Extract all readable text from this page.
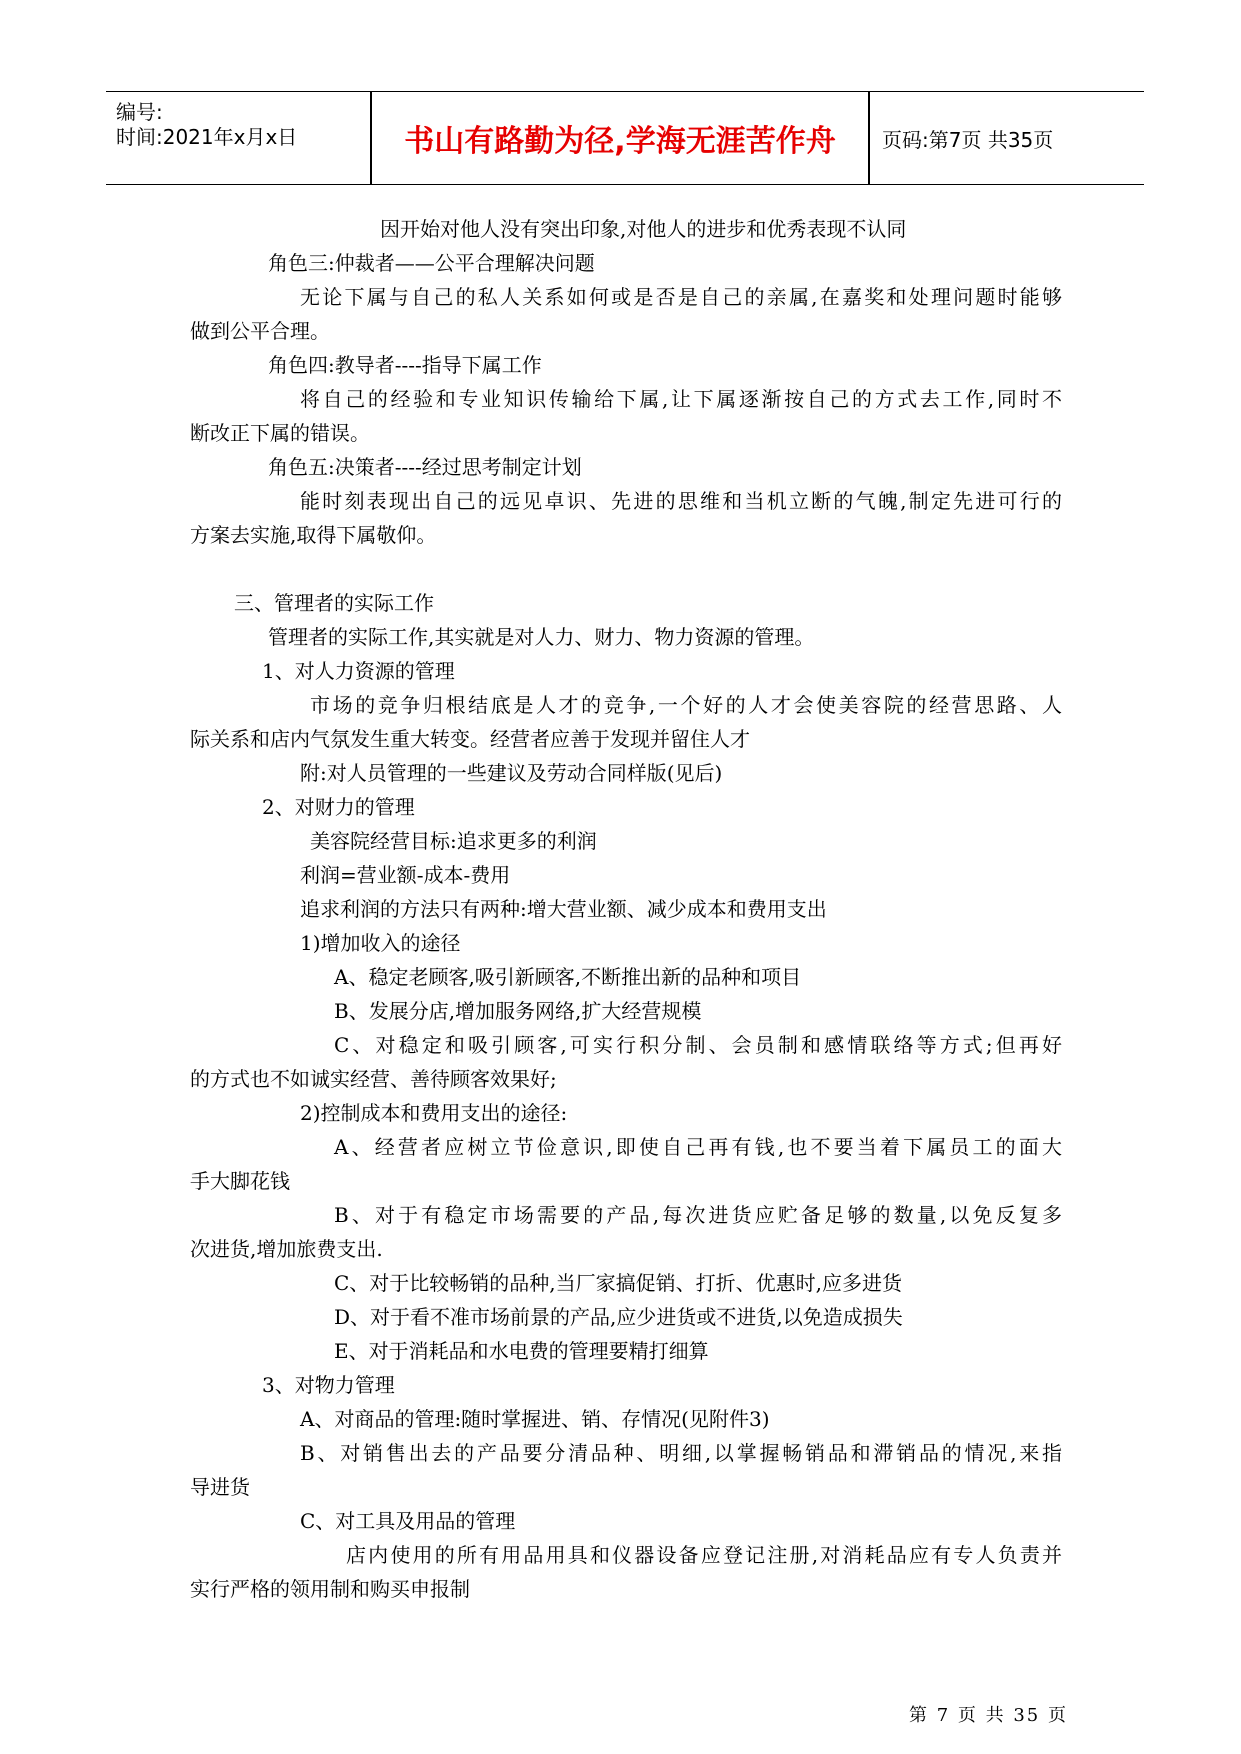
编号:
时间:2021年x月x日	书山有路勤为径,学海无涯苦作舟	页码:第7页 共35页
因开始对他人没有突出印象,对他人的进步和优秀表现不认同
角色三:仲裁者——公平合理解决问题
无论下属与自己的私人关系如何或是否是自己的亲属,在嘉奖和处理问题时能够
做到公平合理。
角色四:教导者----指导下属工作
将自己的经验和专业知识传输给下属,让下属逐渐按自己的方式去工作,同时不
断改正下属的错误。
角色五:决策者----经过思考制定计划
能时刻表现出自己的远见卓识、先进的思维和当机立断的气魄,制定先进可行的
方案去实施,取得下属敬仰。
三、管理者的实际工作
管理者的实际工作,其实就是对人力、财力、物力资源的管理。
1、对人力资源的管理
市场的竞争归根结底是人才的竞争,一个好的人才会使美容院的经营思路、人
际关系和店内气氛发生重大转变。经营者应善于发现并留住人才
附:对人员管理的一些建议及劳动合同样版(见后)
2、对财力的管理
美容院经营目标:追求更多的利润
利润=营业额-成本-费用
追求利润的方法只有两种:增大营业额、减少成本和费用支出
1)增加收入的途径
A、稳定老顾客,吸引新顾客,不断推出新的品种和项目
B、发展分店,增加服务网络,扩大经营规模
C、对稳定和吸引顾客,可实行积分制、会员制和感情联络等方式;但再好
的方式也不如诚实经营、善待顾客效果好;
2)控制成本和费用支出的途径:
A、经营者应树立节俭意识,即使自己再有钱,也不要当着下属员工的面大
手大脚花钱
B、对于有稳定市场需要的产品,每次进货应贮备足够的数量,以免反复多
次进货,增加旅费支出.
C、对于比较畅销的品种,当厂家搞促销、打折、优惠时,应多进货
D、对于看不准市场前景的产品,应少进货或不进货,以免造成损失
E、对于消耗品和水电费的管理要精打细算
3、对物力管理
A、对商品的管理:随时掌握进、销、存情况(见附件3)
B、对销售出去的产品要分清品种、明细,以掌握畅销品和滞销品的情况,来指
导进货
C、对工具及用品的管理
店内使用的所有用品用具和仪器设备应登记注册,对消耗品应有专人负责并
实行严格的领用制和购买申报制
第 7 页 共 35 页
